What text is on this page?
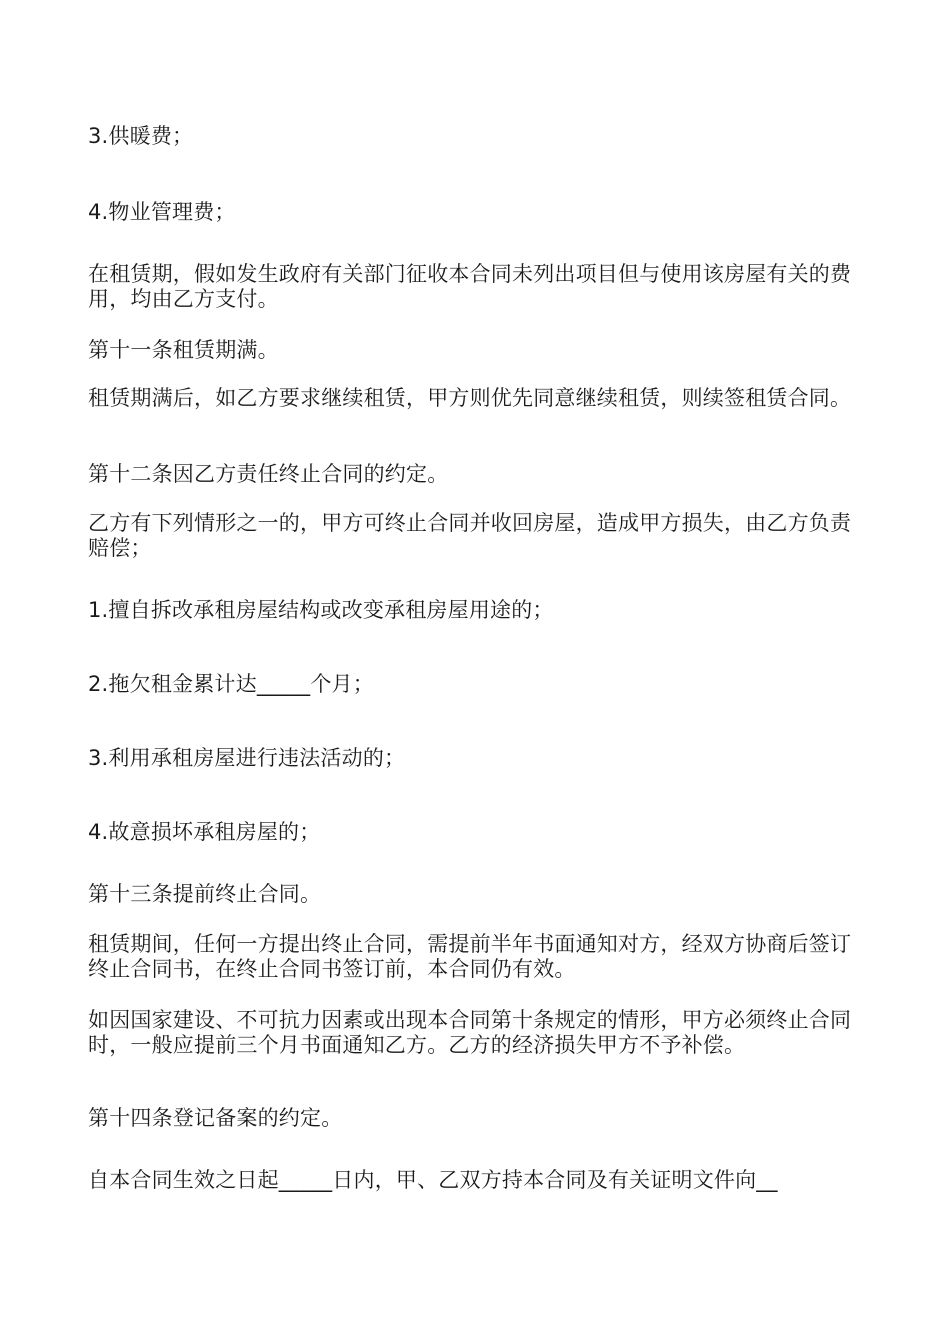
3.供暖费；

4.物业管理费；

在租赁期，假如发生政府有关部门征收本合同未列出项目但与使用该房屋有关的费用，均由乙方支付。

第十一条租赁期满。

租赁期满后，如乙方要求继续租赁，甲方则优先同意继续租赁，则续签租赁合同。

第十二条因乙方责任终止合同的约定。

乙方有下列情形之一的，甲方可终止合同并收回房屋，造成甲方损失，由乙方负责赔偿；

1.擅自拆改承租房屋结构或改变承租房屋用途的；

2.拖欠租金累计达_____个月；

3.利用承租房屋进行违法活动的；

4.故意损坏承租房屋的；

第十三条提前终止合同。

租赁期间，任何一方提出终止合同，需提前半年书面通知对方，经双方协商后签订终止合同书，在终止合同书签订前，本合同仍有效。

如因国家建设、不可抗力因素或出现本合同第十条规定的情形，甲方必须终止合同时，一般应提前三个月书面通知乙方。乙方的经济损失甲方不予补偿。

第十四条登记备案的约定。

自本合同生效之日起_____日内，甲、乙双方持本合同及有关证明文件向__
